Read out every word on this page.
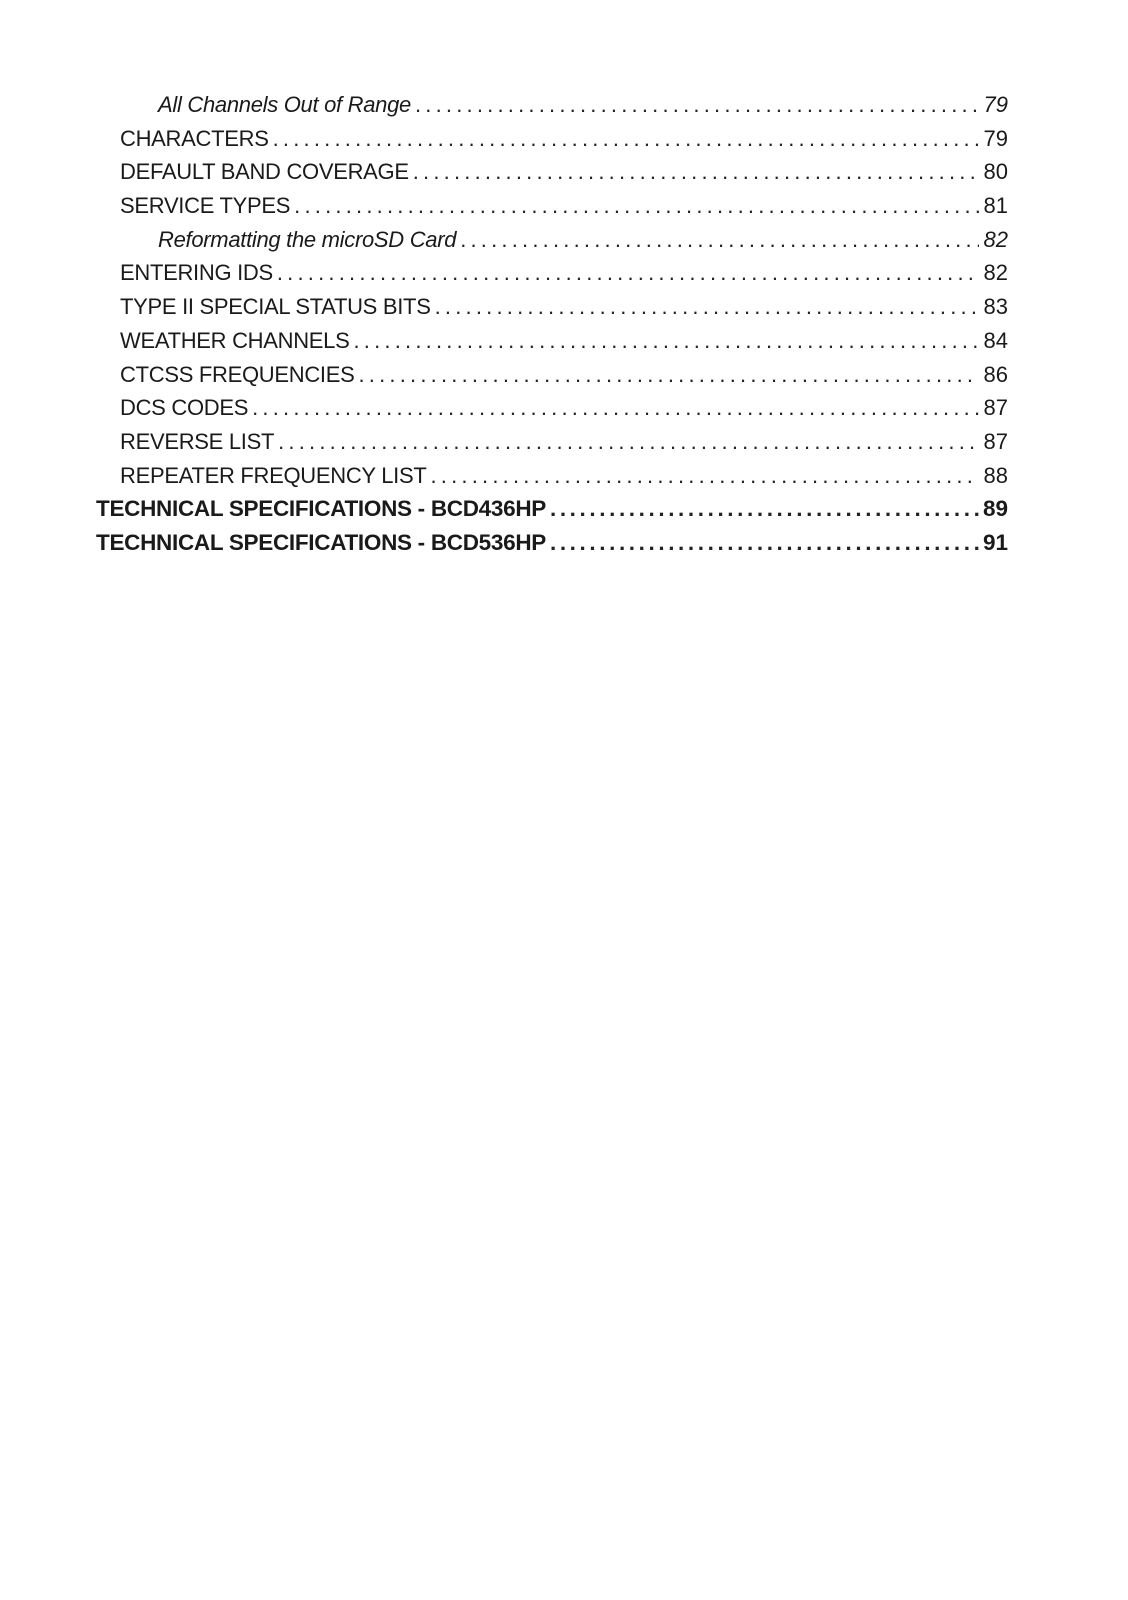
All Channels Out of Range .....	79
CHARACTERS .....	79
DEFAULT BAND COVERAGE .....	80
SERVICE TYPES .....	81
Reformatting the microSD Card .....	82
ENTERING IDS .....	82
TYPE II SPECIAL STATUS BITS .....	83
WEATHER CHANNELS .....	84
CTCSS FREQUENCIES .....	86
DCS CODES .....	87
REVERSE LIST .....	87
REPEATER FREQUENCY LIST .....	88
TECHNICAL SPECIFICATIONS - BCD436HP .....	89
TECHNICAL SPECIFICATIONS - BCD536HP .....	91
